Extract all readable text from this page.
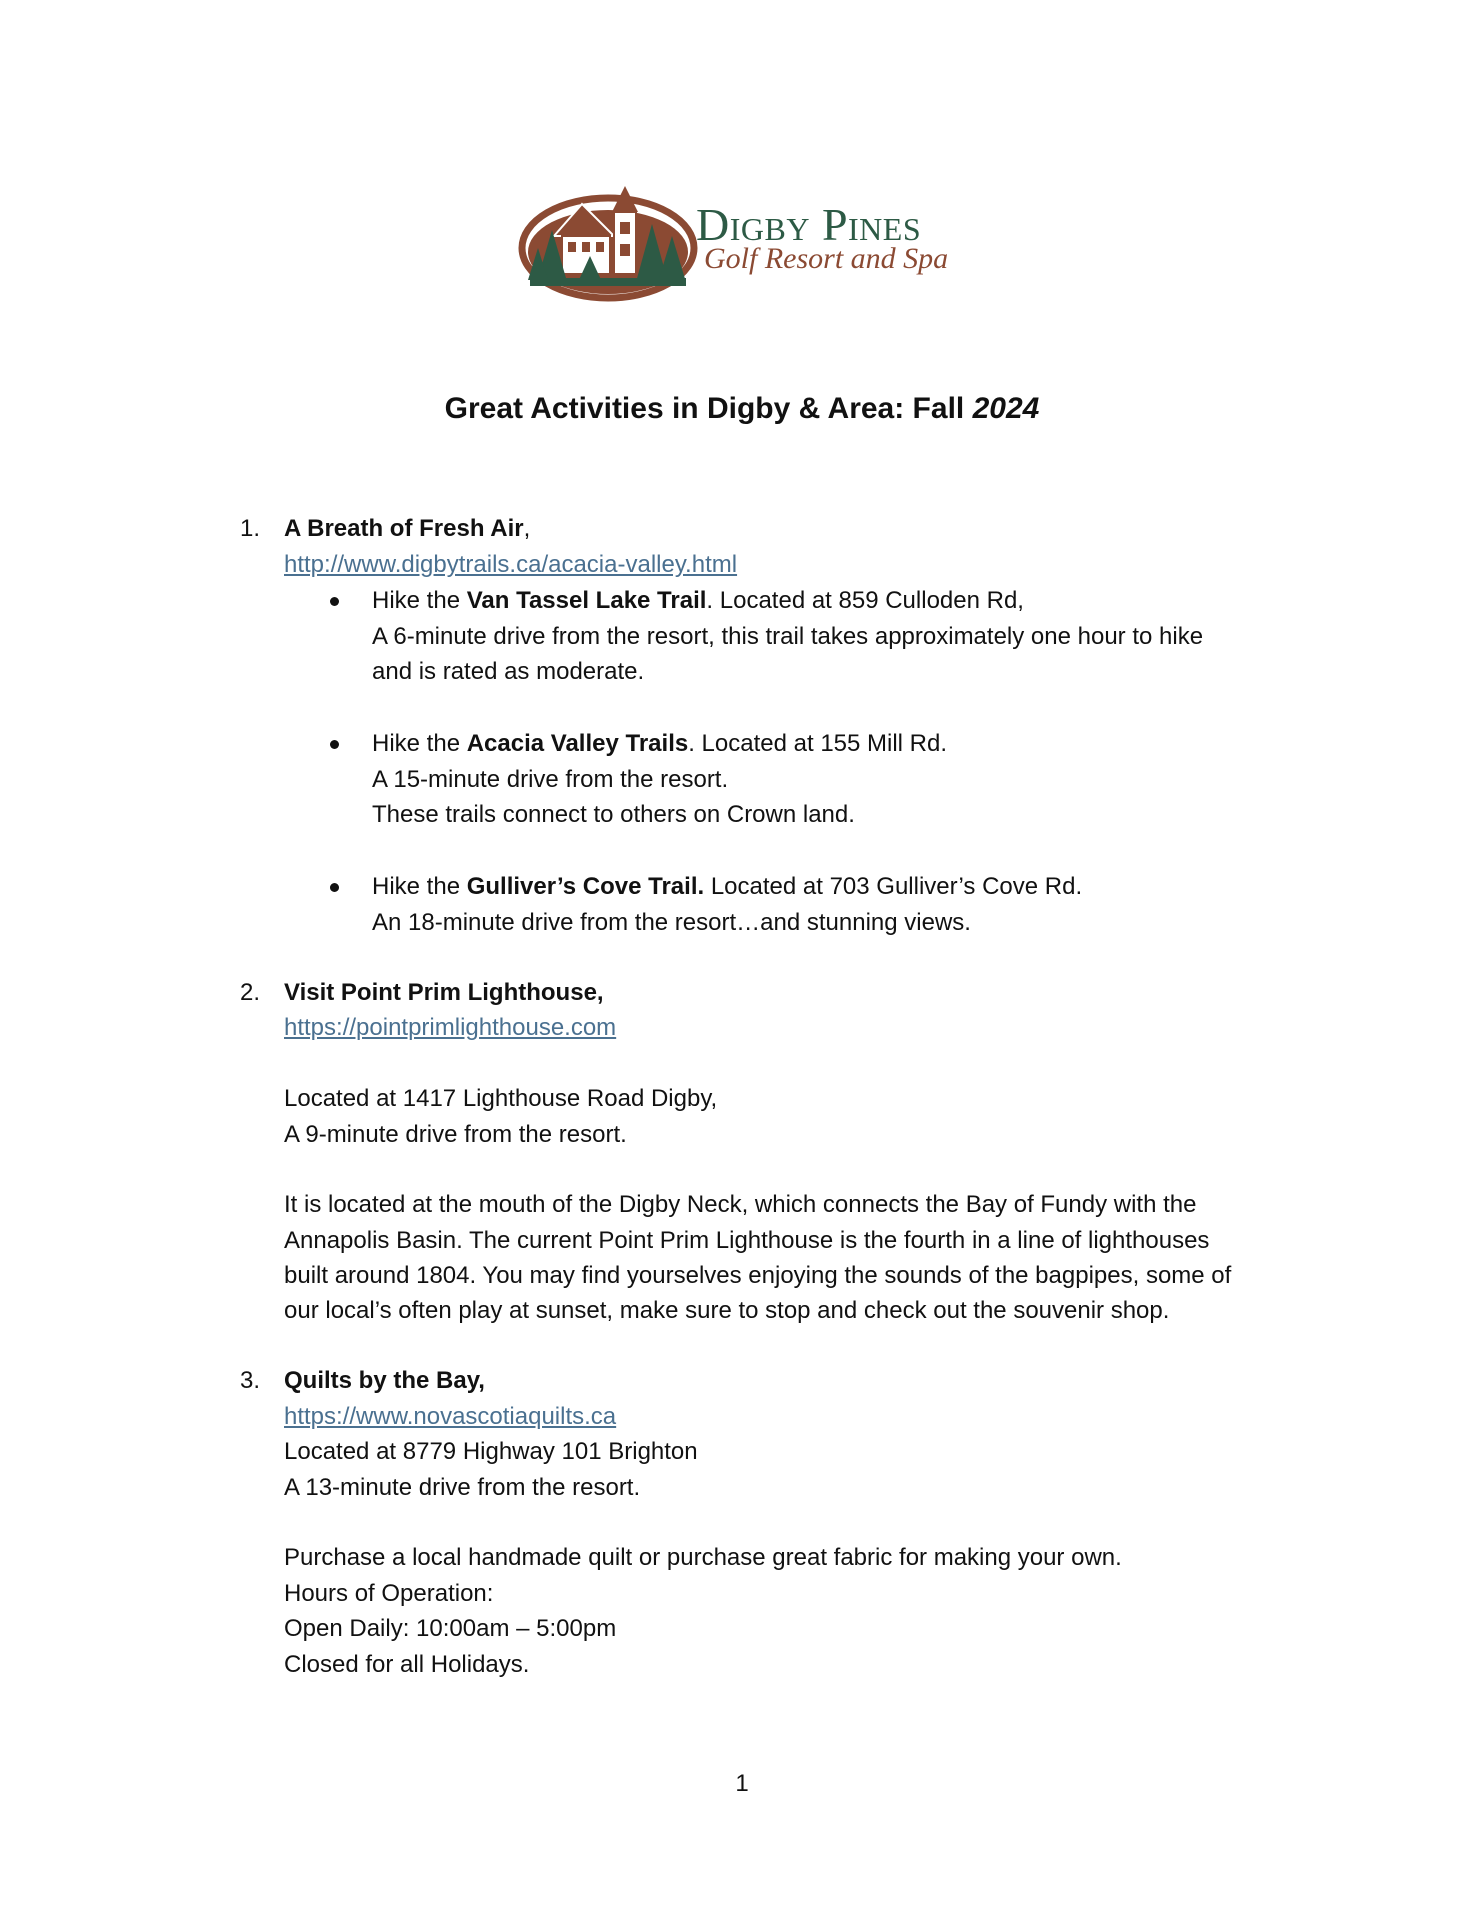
Digby Pines
Golf Resort and Spa
Great Activities in Digby & Area: Fall 2024
1. A Breath of Fresh Air,
http://www.digbytrails.ca/acacia-valley.html
Hike the Van Tassel Lake Trail. Located at 859 Culloden Rd,
A 6-minute drive from the resort, this trail takes approximately one hour to hike
and is rated as moderate.
Hike the Acacia Valley Trails. Located at 155 Mill Rd.
A 15-minute drive from the resort.
These trails connect to others on Crown land.
Hike the Gulliver’s Cove Trail. Located at 703 Gulliver’s Cove Rd.
An 18-minute drive from the resort…and stunning views.
2. Visit Point Prim Lighthouse,
https://pointprimlighthouse.com
Located at 1417 Lighthouse Road Digby,
A 9-minute drive from the resort.
It is located at the mouth of the Digby Neck, which connects the Bay of Fundy with the
Annapolis Basin. The current Point Prim Lighthouse is the fourth in a line of lighthouses
built around 1804. You may find yourselves enjoying the sounds of the bagpipes, some of
our local’s often play at sunset, make sure to stop and check out the souvenir shop.
3. Quilts by the Bay,
https://www.novascotiaquilts.ca
Located at 8779 Highway 101 Brighton
A 13-minute drive from the resort.
Purchase a local handmade quilt or purchase great fabric for making your own.
Hours of Operation:
Open Daily: 10:00am – 5:00pm
Closed for all Holidays.
1
